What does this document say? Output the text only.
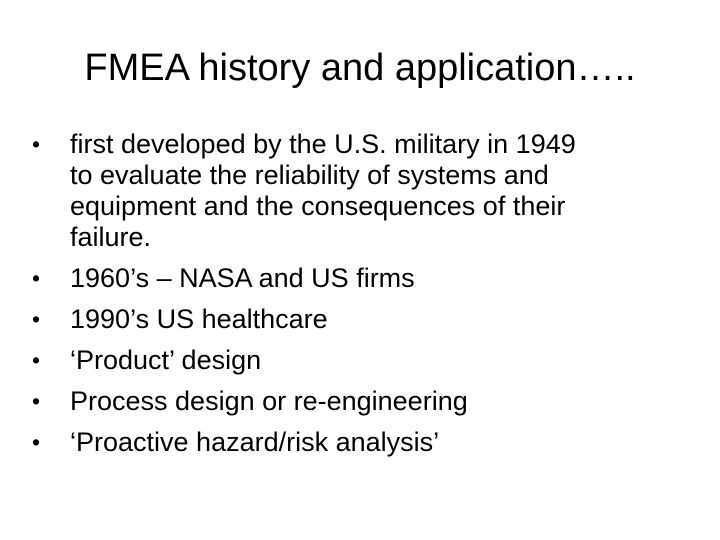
FMEA history and application…..
•	first developed by the U.S. military in 1949
to evaluate the reliability of systems and
equipment and the consequences of their
failure.
•	1960’s – NASA and US firms
•	1990’s US healthcare
•	‘Product’ design
•	Process design or re-engineering
•	‘Proactive hazard/risk analysis’
